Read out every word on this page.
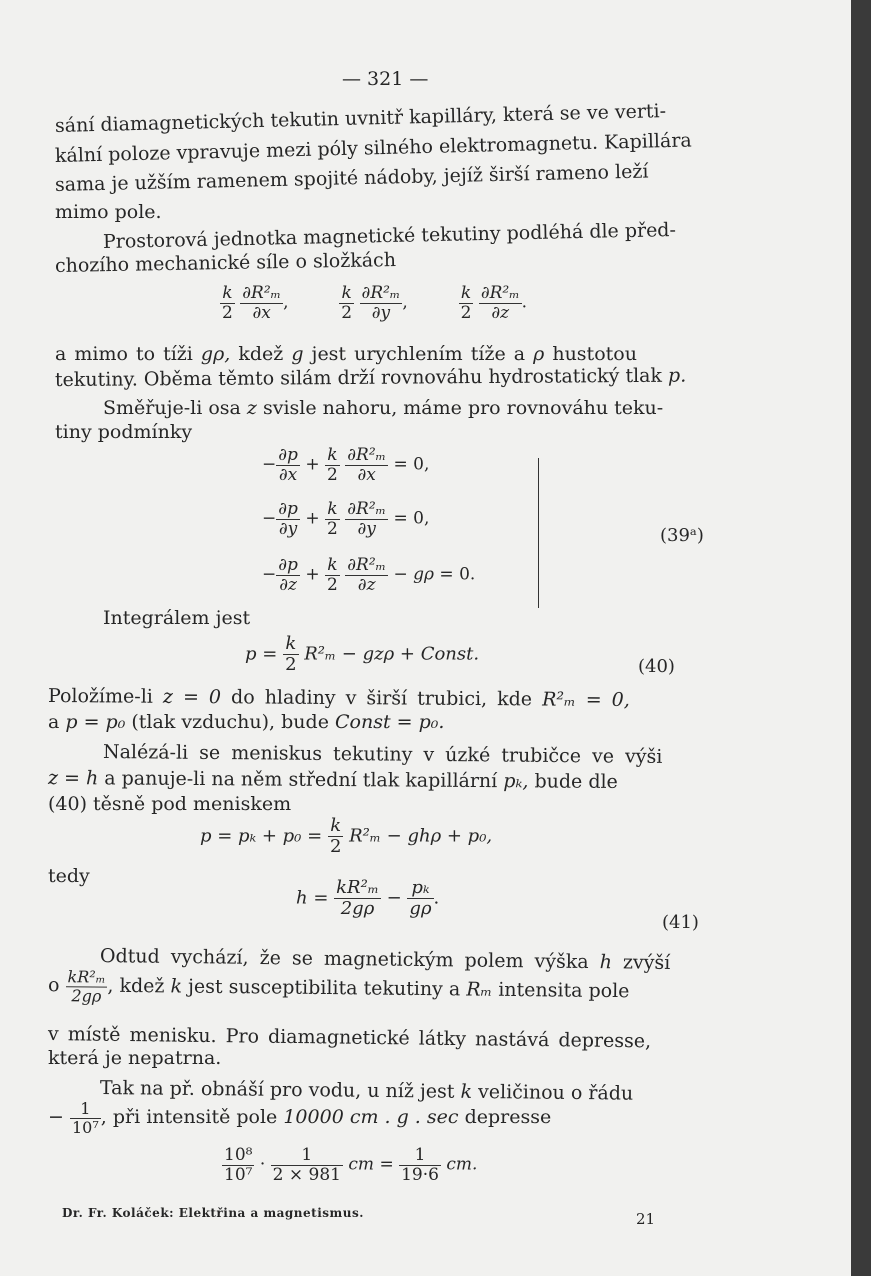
— 321 —
sání diamagnetických tekutin uvnitř kapilláry, která se ve verti-
kální poloze vpravuje mezi póly silného elektromagnetu. Kapillára
sama je užším ramenem spojité nádoby, jejíž širší rameno leží
mimo pole.
Prostorová jednotka magnetické tekutiny podléhá dle před-
chozího mechanické síle o složkách
$\frac{k}{2}$
$\frac{\text{∂R²ₘ}}{\partial x}$ ,	$\frac{k}{2}$
$\frac{\text{∂R²ₘ}}{\partial y}$ ,	$\frac{k}{2}$
$\frac{\text{∂R²ₘ}}{\partial z}$ .
a mimo to tíži gρ, kdež g jest urychlením tíže a ρ hustotou
tekutiny. Oběma těmto silám drží rovnováhu hydrostatický tlak p.
Směřuje-li osa z svisle nahoru, máme pro rovnováhu teku-
tiny podmínky
− $\frac{\partial p}{\partial x} + \frac{k}{2}$
$\frac{\text{∂R²ₘ}}{\partial x} = 0$,
− $\frac{\partial p}{\partial y} + \frac{k}{2}$
$\frac{\text{∂R²ₘ}}{\partial y} = 0$,
− $\frac{\partial p}{\partial z} + \frac{k}{2}$
$\frac{\text{∂R²ₘ}}{\partial z} - g\rho = 0$.
(39ᵃ)
Integrálem jest
$p = \frac{k}{2} R^2_m - gz\rho$ + Const.
(40)
Položíme-li z = 0 do hladiny v širší trubici, kde R²ₘ = 0,
a p = p₀ (tlak vzduchu), bude Const = p₀.
Nalézá-li se meniskus tekutiny v úzké trubičce ve výši
z = h a panuje-li na něm střední tlak kapillární pₖ, bude dle
(40) těsně pod meniskem
$p = p_k + p_0 = \frac{k}{2} R^2_m - gh\rho + p_0$,
tedy
$h = \frac{\text{kR²ₘ}}{2g\rho} - \frac{\text{pₖ}}{g\rho}$ .
(41)
Odtud vychází, že se magnetickým polem výška h zvýší
o $\frac{\text{kR²ₘ}}{2g\rho}$ , kdež k jest susceptibilita tekutiny a Rₘ intensita pole
v místě menisku. Pro diamagnetické látky nastává depresse,
která je nepatrna.
Tak na př. obnáší pro vodu, u níž jest k veličinou o řádu
− $\frac{1}{\text{10⁷}}$ , při intensitě pole 10000 cm . g . sec depresse
$\frac{\text{10⁸}}{\text{10⁷}} \cdot \frac{1}{2 \times 981}$ cm = $\frac{1}{19\cdot 6}$ cm.
Dr. Fr. Koláček: Elektřina a magnetismus.	21
